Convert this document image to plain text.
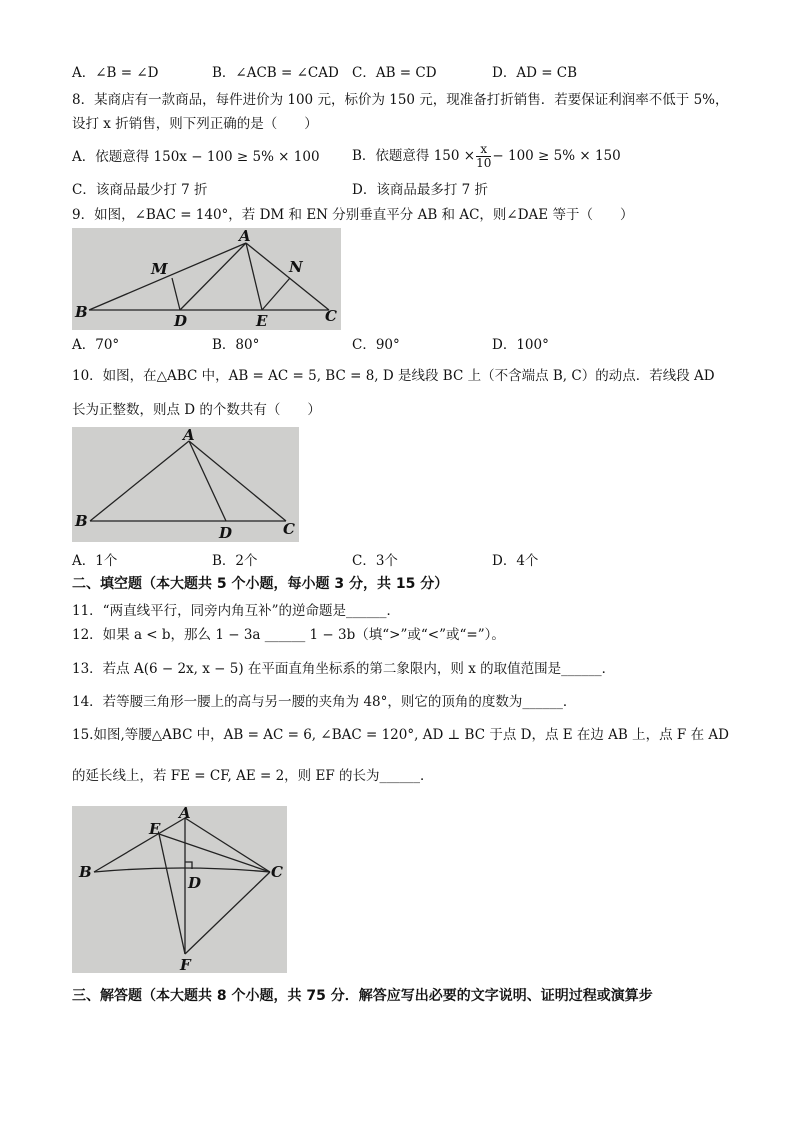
A．∠B = ∠D	B．∠ACB = ∠CAD C．AB = CD	D．AD = CB
8．某商店有一款商品，每件进价为 100 元，标价为 150 元，现准备打折销售．若要保证利润率不低于 5%，
设打 x 折销售，则下列正确的是（　　）
A．依题意得 150x − 100 ≥ 5% × 100 B．依题意得 $150 \times \frac{x}{10} - 100 \ge 5\% \times 150$
C．该商品最少打 7 折	D．该商品最多打 7 折
9．如图，∠BAC = 140°，若 DM 和 EN 分别垂直平分 AB 和 AC，则∠DAE 等于（　　）
A
M	N
B	D	E	C
A．70°	B．80°	C．90°	D．100°
10．如图，在△ABC 中，AB = AC = 5, BC = 8, D 是线段 BC 上（不含端点 B, C）的动点．若线段 AD
长为正整数，则点 D 的个数共有（　　）
A
B
D	C
A．1个	B．2个	C．3个	D．4个
二、填空题（本大题共 5 个小题，每小题 3 分，共 15 分）
11．“两直线平行，同旁内角互补”的逆命题是______．
12．如果 a < b，那么 1 − 3a ______ 1 − 3b（填“>”或“<”或“=”）。
13．若点 A(6 − 2x, x − 5) 在平面直角坐标系的第二象限内，则 x 的取值范围是______．
14．若等腰三角形一腰上的高与另一腰的夹角为 48°，则它的顶角的度数为______．
15.如图,等腰△ABC 中，AB = AC = 6, ∠BAC = 120°, AD ⊥ BC 于点 D，点 E 在边 AB 上，点 F 在 AD
的延长线上，若 FE = CF, AE = 2，则 EF 的长为______．
A
E
B
D
C
F
三、解答题（本大题共 8 个小题，共 75 分．解答应写出必要的文字说明、证明过程或演算步
